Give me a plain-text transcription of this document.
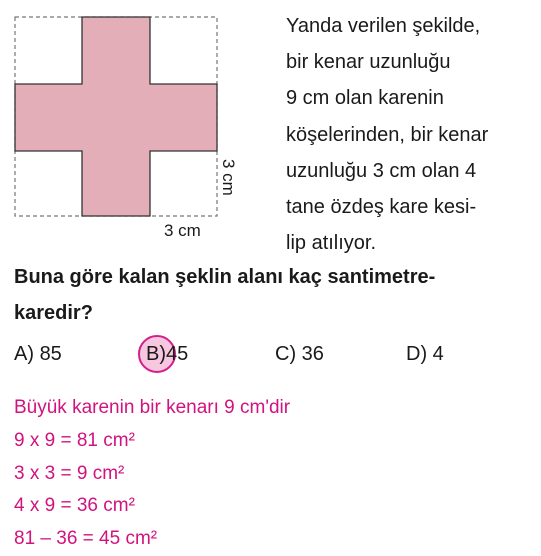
3 cm
3 cm

Yanda verilen şekilde,
bir kenar uzunluğu
9 cm olan karenin
köşelerinden, bir kenar
uzunluğu 3 cm olan 4
tane özdeş kare kesi-
lip atılıyor.

Buna göre kalan şeklin alanı kaç santimetre-
karedir?

A) 85	B)45	C) 36	D) 4
Büyük karenin bir kenarı 9 cm'dir
9 x 9 = 81 cm²
3 x 3 = 9 cm²
4 x 9 = 36 cm²
81 – 36 = 45 cm²
